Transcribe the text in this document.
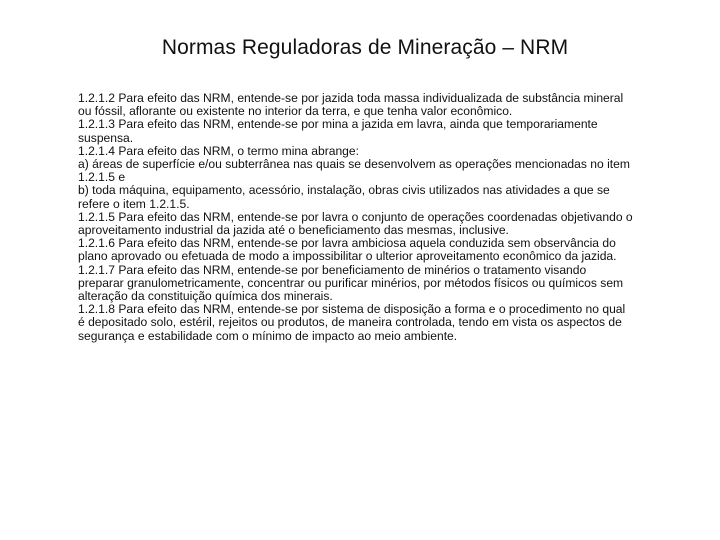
Normas Reguladoras de Mineração – NRM

1.2.1.2 Para efeito das NRM, entende-se por jazida toda massa individualizada de substância mineral ou fóssil, aflorante ou existente no interior da terra, e que tenha valor econômico.

1.2.1.3 Para efeito das NRM, entende-se por mina a jazida em lavra, ainda que temporariamente suspensa.

1.2.1.4 Para efeito das NRM, o termo mina abrange:

a) áreas de superfície e/ou subterrânea nas quais se desenvolvem as operações mencionadas no item 1.2.1.5 e

b) toda máquina, equipamento, acessório, instalação, obras civis utilizados nas atividades a que se refere o item 1.2.1.5.

1.2.1.5 Para efeito das NRM, entende-se por lavra o conjunto de operações coordenadas objetivando o aproveitamento industrial da jazida até o beneficiamento das mesmas, inclusive.

1.2.1.6 Para efeito das NRM, entende-se por lavra ambiciosa aquela conduzida sem observância do plano aprovado ou efetuada de modo a impossibilitar o ulterior aproveitamento econômico da jazida.

1.2.1.7 Para efeito das NRM, entende-se por beneficiamento de minérios o tratamento visando preparar granulometricamente, concentrar ou purificar minérios, por métodos físicos ou químicos sem alteração da constituição química dos minerais.

1.2.1.8 Para efeito das NRM, entende-se por sistema de disposição a forma e o procedimento no qual é depositado solo, estéril, rejeitos ou produtos, de maneira controlada, tendo em vista os aspectos de segurança e estabilidade com o mínimo de impacto ao meio ambiente.
